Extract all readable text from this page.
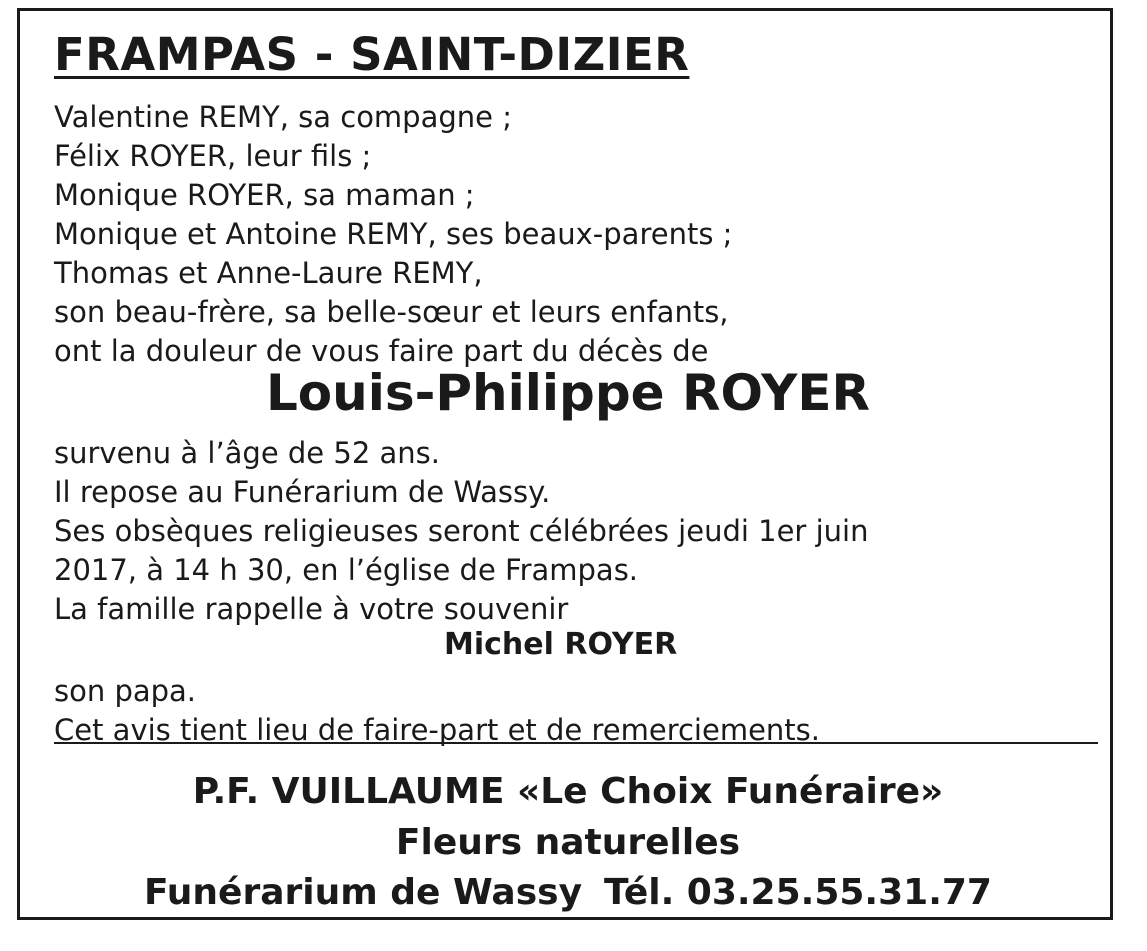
FRAMPAS - SAINT-DIZIER
Valentine REMY, sa compagne ;
Félix ROYER, leur fils ;
Monique ROYER, sa maman ;
Monique et Antoine REMY, ses beaux-parents ;
Thomas et Anne-Laure REMY,
son beau-frère, sa belle-sœur et leurs enfants,
ont la douleur de vous faire part du décès de
Louis-Philippe ROYER
survenu à l’âge de 52 ans.
Il repose au Funérarium de Wassy.
Ses obsèques religieuses seront célébrées jeudi 1er juin
2017, à 14 h 30, en l’église de Frampas.
La famille rappelle à votre souvenir
Michel ROYER
son papa.
Cet avis tient lieu de faire-part et de remerciements.
P.F. VUILLAUME «Le Choix Funéraire»
Fleurs naturelles
Funérarium de Wassy Tél. 03.25.55.31.77
